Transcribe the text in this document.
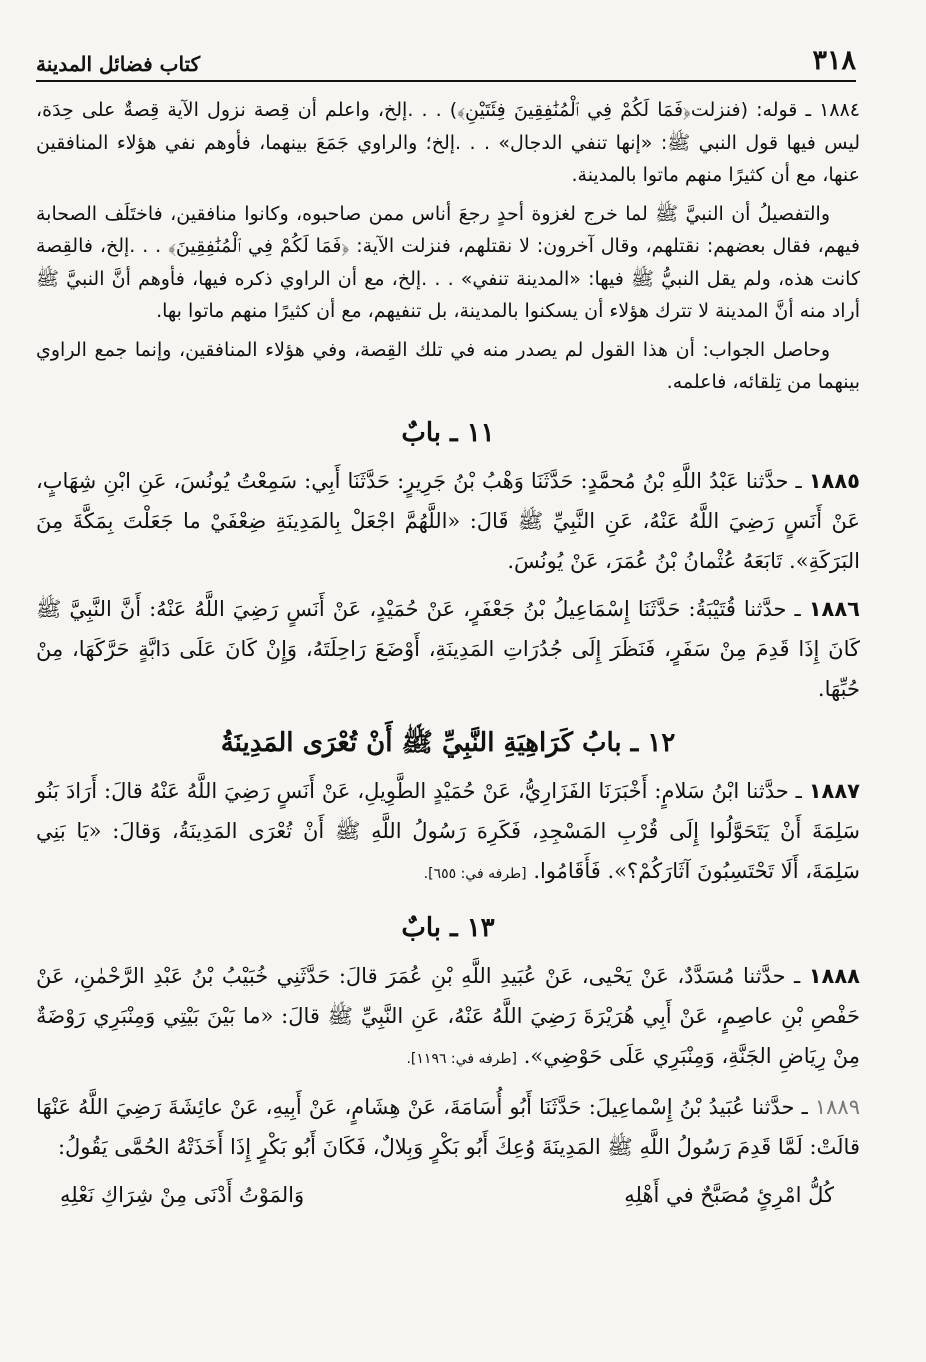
٣١٨
كتاب فضائل المدينة

١٨٨٤ ـ قوله: (فنزلت﴿فَمَا لَكُمْ فِي ٱلْمُنَٰفِقِينَ فِئَتَيْنِ﴾) . . .إلخ، واعلم أن قِصة نزول الآية قِصةٌ على حِدَة، ليس فيها قول النبي ﷺ: «إنها تنفي الدجال» . . .إلخ؛ والراوي جَمَعَ بينهما، فأوهم نفي هؤلاء المنافقين عنها، مع أن كثيرًا منهم ماتوا بالمدينة.

والتفصيلُ أن النبيَّ ﷺ لما خرج لغزوة أحدٍ رجعَ أناس ممن صاحبوه، وكانوا منافقين، فاختَلَف الصحابة فيهم، فقال بعضهم: نقتلهم، وقال آخرون: لا نقتلهم، فنزلت الآية: ﴿فَمَا لَكُمْ فِي ٱلْمُنَٰفِقِينَ﴾ . . .إلخ، فالقِصة كانت هذه، ولم يقل النبيُّ ﷺ فيها: «المدينة تنفي» . . .إلخ، مع أن الراوي ذكره فيها، فأوهم أنَّ النبيَّ ﷺ أراد منه أنَّ المدينة لا تترك هؤلاء أن يسكنوا بالمدينة، بل تنفيهم، مع أن كثيرًا منهم ماتوا بها.

وحاصل الجواب: أن هذا القول لم يصدر منه في تلك القِصة، وفي هؤلاء المنافقين، وإنما جمع الراوي بينهما من تِلقائه، فاعلمه.

١١ ـ بابٌ

١٨٨٥ ـ حدَّثنا عَبْدُ اللَّهِ بْنُ مُحمَّدٍ: حَدَّثَنَا وَهْبُ بْنُ جَرِيرٍ: حَدَّثَنَا أَبِي: سَمِعْتُ يُونُسَ، عَنِ ابْنِ شِهَابٍ، عَنْ أَنَسٍ رَضِيَ اللَّهُ عَنْهُ، عَنِ النَّبِيِّ ﷺ قَالَ: «اللَّهُمَّ اجْعَلْ بِالمَدِينَةِ ضِعْفَيْ ما جَعَلْتَ بِمَكَّةَ مِنَ البَرَكَةِ». تَابَعَهُ عُثْمانُ بْنُ عُمَرَ، عَنْ يُونُسَ.

١٨٨٦ ـ حدَّثنا قُتَيْبَةُ: حَدَّثَنَا إِسْمَاعِيلُ بْنُ جَعْفَرٍ، عَنْ حُمَيْدٍ، عَنْ أَنَسٍ رَضِيَ اللَّهُ عَنْهُ: أَنَّ النَّبِيَّ ﷺ كَانَ إِذَا قَدِمَ مِنْ سَفَرٍ، فَنَظَرَ إِلَى جُدُرَاتِ المَدِينَةِ، أَوْضَعَ رَاحِلَتَهُ، وَإِنْ كَانَ عَلَى دَابَّةٍ حَرَّكَهَا، مِنْ حُبِّهَا.

١٢ ـ بابُ كَرَاهِيَةِ النَّبِيِّ ﷺ أَنْ تُعْرَى المَدِينَةُ

١٨٨٧ ـ حدَّثنا ابْنُ سَلامٍ: أَخْبَرَنَا الفَزَارِيُّ، عَنْ حُمَيْدٍ الطَّوِيلِ، عَنْ أَنَسٍ رَضِيَ اللَّهُ عَنْهُ قالَ: أَرَادَ بَنُو سَلِمَةَ أَنْ يَتَحَوَّلُوا إِلَى قُرْبِ المَسْجِدِ، فَكَرِهَ رَسُولُ اللَّهِ ﷺ أَنْ تُعْرَى المَدِينَةُ، وَقالَ: «يَا بَنِي سَلِمَةَ، أَلَا تَحْتَسِبُونَ آثَارَكُمْ؟». فَأَقَامُوا. [طرفه في: ٦٥٥].

١٣ ـ بابٌ

١٨٨٨ ـ حدَّثنا مُسَدَّدٌ، عَنْ يَحْيى، عَنْ عُبَيدِ اللَّهِ بْنِ عُمَرَ قالَ: حَدَّثَنِي خُبَيْبُ بْنُ عَبْدِ الرَّحْمٰنِ، عَنْ حَفْصِ بْنِ عاصِمٍ، عَنْ أَبِي هُرَيْرَةَ رَضِيَ اللَّهُ عَنْهُ، عَنِ النَّبِيِّ ﷺ قالَ: «ما بَيْنَ بَيْتِي وَمِنْبَرِي رَوْضَةٌ مِنْ رِيَاضِ الجَنَّةِ، وَمِنْبَرِي عَلَى حَوْضِي». [طرفه في: ١١٩٦].

١٨٨٩ ـ حدَّثنا عُبَيدُ بْنُ إِسْماعِيلَ: حَدَّثَنَا أَبُو أُسَامَةَ، عَنْ هِشَامٍ، عَنْ أَبِيهِ، عَنْ عائِشَةَ رَضِيَ اللَّهُ عَنْهَا قالَتْ: لَمَّا قَدِمَ رَسُولُ اللَّهِ ﷺ المَدِينَةَ وُعِكَ أَبُو بَكْرٍ وَبِلالٌ، فَكَانَ أَبُو بَكْرٍ إِذَا أَخَذَتْهُ الحُمَّى يَقُولُ:

كُلُّ امْرِئٍ مُصَبَّحٌ في أَهْلِهِ
وَالمَوْتُ أَدْنَى مِنْ شِرَاكِ نَعْلِهِ
